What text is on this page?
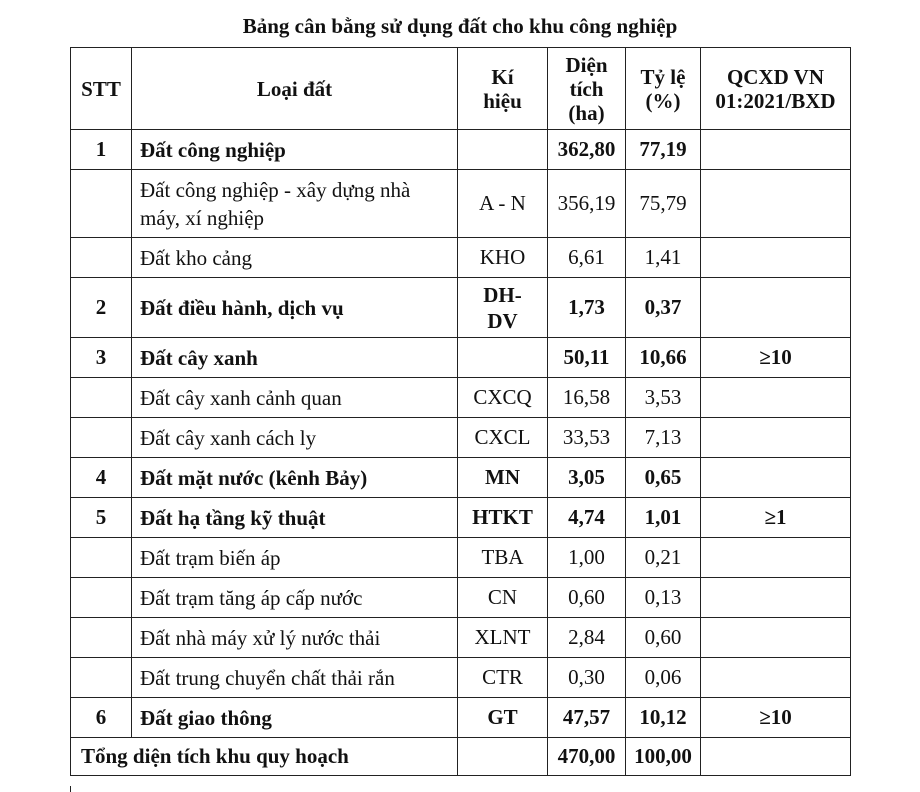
Bảng cân bằng sử dụng đất cho khu công nghiệp
STT	Loại đất	Kí hiệu	Diện tích (ha)	Tỷ lệ (%)	QCXD VN 01:2021/BXD
1	Đất công nghiệp		362,80	77,19	
	Đất công nghiệp - xây dựng nhà máy, xí nghiệp	A - N	356,19	75,79	
	Đất kho cảng	KHO	6,61	1,41	
2	Đất điều hành, dịch vụ	DH-DV	1,73	0,37	
3	Đất cây xanh		50,11	10,66	≥10
	Đất cây xanh cảnh quan	CXCQ	16,58	3,53	
	Đất cây xanh cách ly	CXCL	33,53	7,13	
4	Đất mặt nước (kênh Bảy)	MN	3,05	0,65	
5	Đất hạ tầng kỹ thuật	HTKT	4,74	1,01	≥1
	Đất trạm biến áp	TBA	1,00	0,21	
	Đất trạm tăng áp cấp nước	CN	0,60	0,13	
	Đất nhà máy xử lý nước thải	XLNT	2,84	0,60	
	Đất trung chuyển chất thải rắn	CTR	0,30	0,06	
6	Đất giao thông	GT	47,57	10,12	≥10
Tổng diện tích khu quy hoạch			470,00	100,00	
